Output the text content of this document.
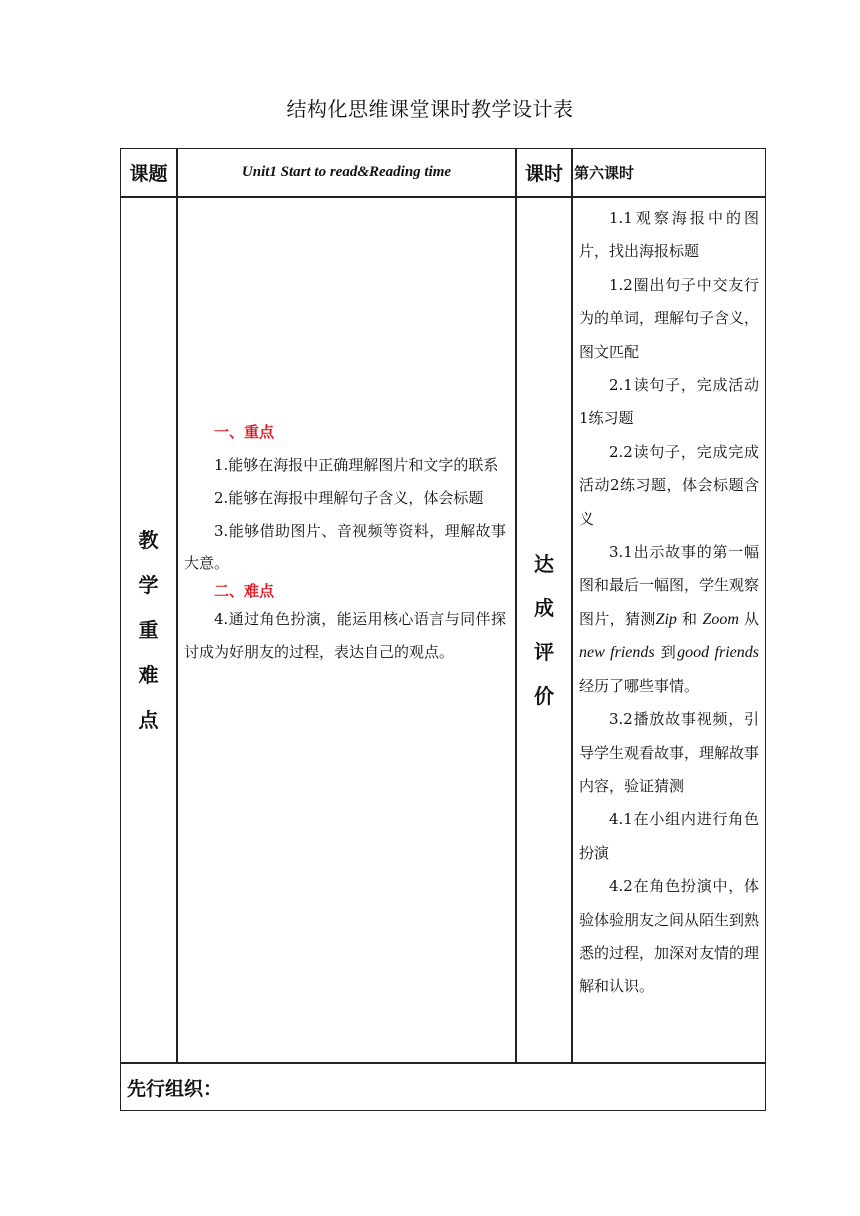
结构化思维课堂课时教学设计表
课题	Unit1 Start to read&Reading time	课时 第六课时
教
学
重
难
点

一、重点

1.能够在海报中正确理解图片和文字的联系

2.能够在海报中理解句子含义，体会标题

3.能够借助图片、音视频等资料，理解故事大意。

二、难点

4.通过角色扮演，能运用核心语言与同伴探讨成为好朋友的过程，表达自己的观点。

达
成
评
价

1.1观察海报中的图片，找出海报标题

1.2圈出句子中交友行为的单词，理解句子含义，图文匹配

2.1读句子，完成活动1练习题

2.2读句子，完成完成活动2练习题，体会标题含义

3.1出示故事的第一幅图和最后一幅图，学生观察图片，猜测Zip 和 Zoom 从 new friends 到good friends经历了哪些事情。

3.2播放故事视频，引导学生观看故事，理解故事内容，验证猜测

4.1在小组内进行角色扮演

4.2在角色扮演中，体验体验朋友之间从陌生到熟悉的过程，加深对友情的理解和认识。

先行组织：
